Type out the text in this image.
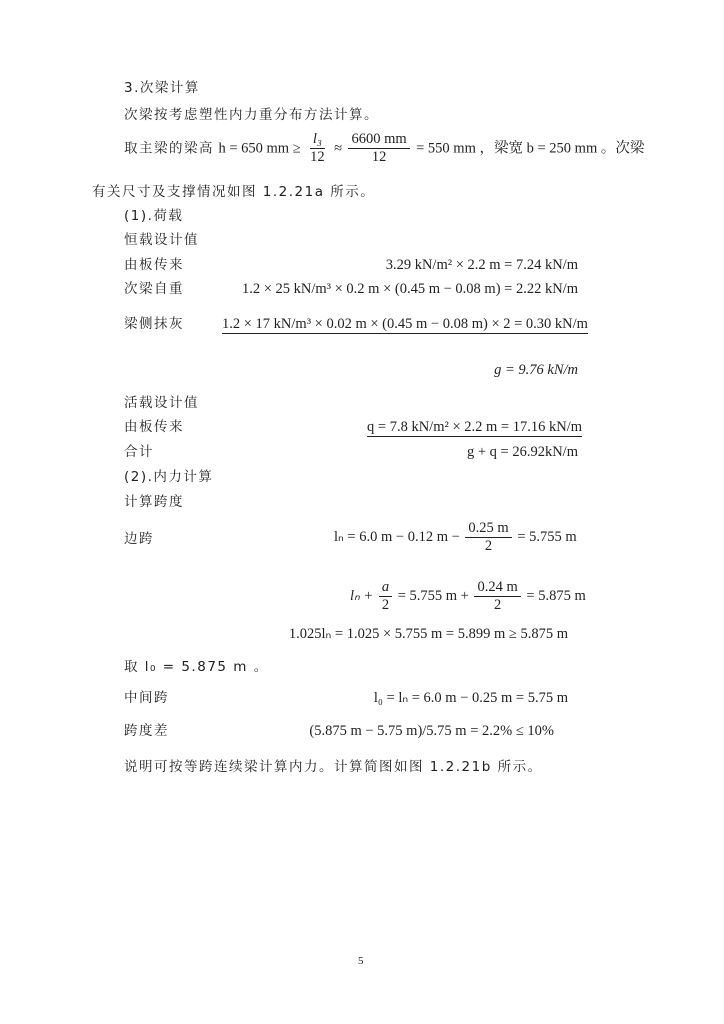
3.次梁计算
次梁按考虑塑性内力重分布方法计算。
取主梁的梁高 h = 650 mm ≥ $\frac{\text{l₃}}{12} \approx \frac{6600 mm}{12} = 550$ mm ，梁宽 b = 250 mm 。次梁
有关尺寸及支撑情况如图 1.2.21a 所示。
(1).荷载
恒载设计值
由板传来	3.29 kN/m² × 2.2 m = 7.24 kN/m
次梁自重	1.2 × 25 kN/m³ × 0.2 m × (0.45 m − 0.08 m) = 2.22 kN/m
梁侧抹灰	1.2 × 17 kN/m³ × 0.02 m × (0.45 m − 0.08 m) × 2 = 0.30 kN/m
g = 9.76 kN/m
活载设计值
由板传来	q = 7.8 kN/m² × 2.2 m = 17.16 kN/m
合计	g + q = 26.92kN/m
(2).内力计算
计算跨度
边跨	lₙ = 6.0 m − 0.12 $m - \frac{0.25 m}{2} = 5.755$ m
$l_n + \frac{a}{2} = 5.755$ $m + \frac{0.24 m}{2} = 5.875$ m
1.025lₙ = 1.025 × 5.755 m = 5.899 m ≥ 5.875 m
取 l₀ = 5.875 m 。
中间跨	l₀ = lₙ = 6.0 m − 0.25 m = 5.75 m
跨度差	(5.875 m − 5.75 m)/5.75 m = 2.2% ≤ 10%
说明可按等跨连续梁计算内力。计算简图如图 1.2.21b 所示。
5
